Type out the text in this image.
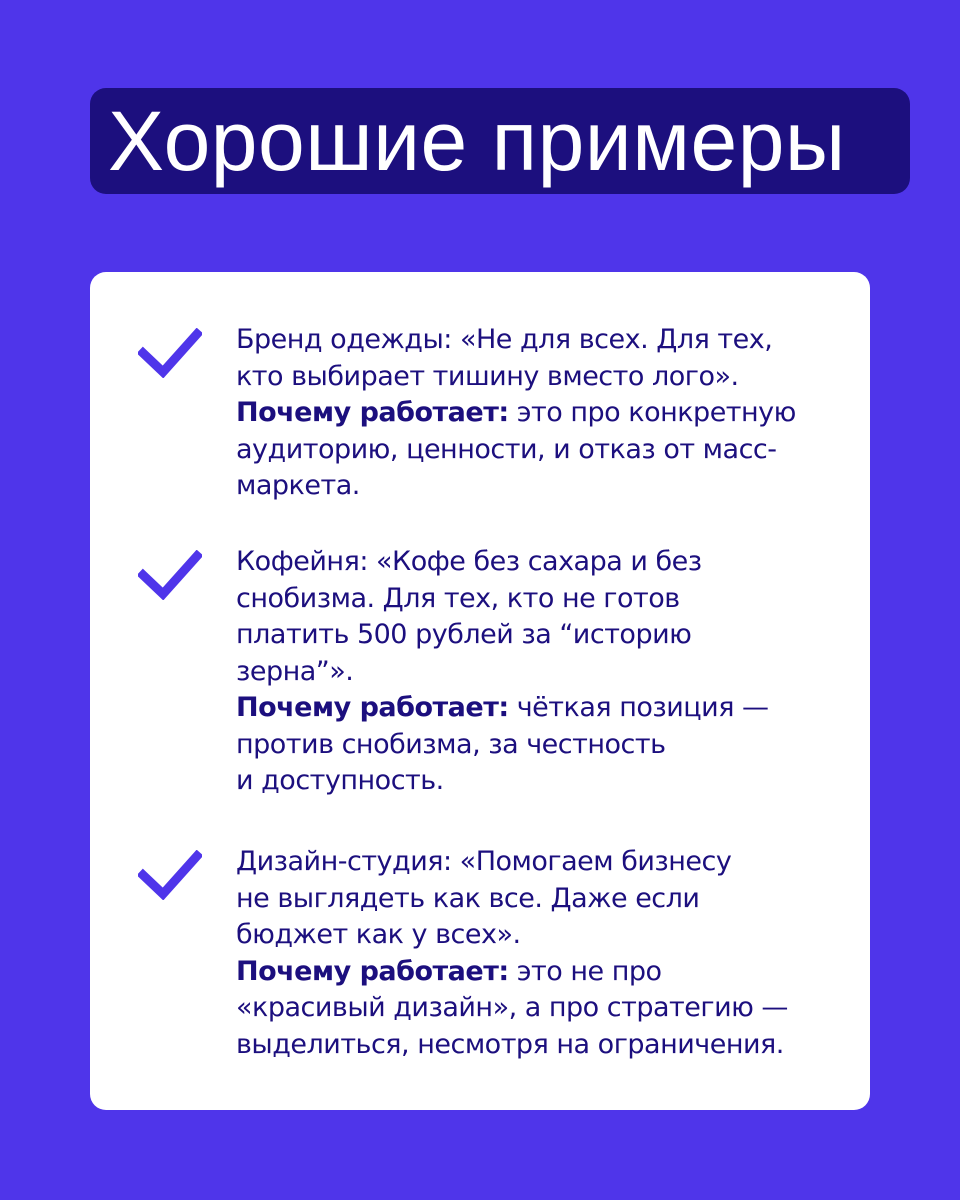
Хорошие примеры

Бренд одежды: «Не для всех. Для тех,
кто выбирает тишину вместо лого».
Почему работает: это про конкретную
аудиторию, ценности, и отказ от масс-
маркета.

Кофейня: «Кофе без сахара и без
снобизма. Для тех, кто не готов
платить 500 рублей за “историю
зерна”».
Почему работает: чёткая позиция —
против снобизма, за честность
и доступность.

Дизайн-студия: «Помогаем бизнесу
не выглядеть как все. Даже если
бюджет как у всех».
Почему работает: это не про
«красивый дизайн», а про стратегию —
выделиться, несмотря на ограничения.
